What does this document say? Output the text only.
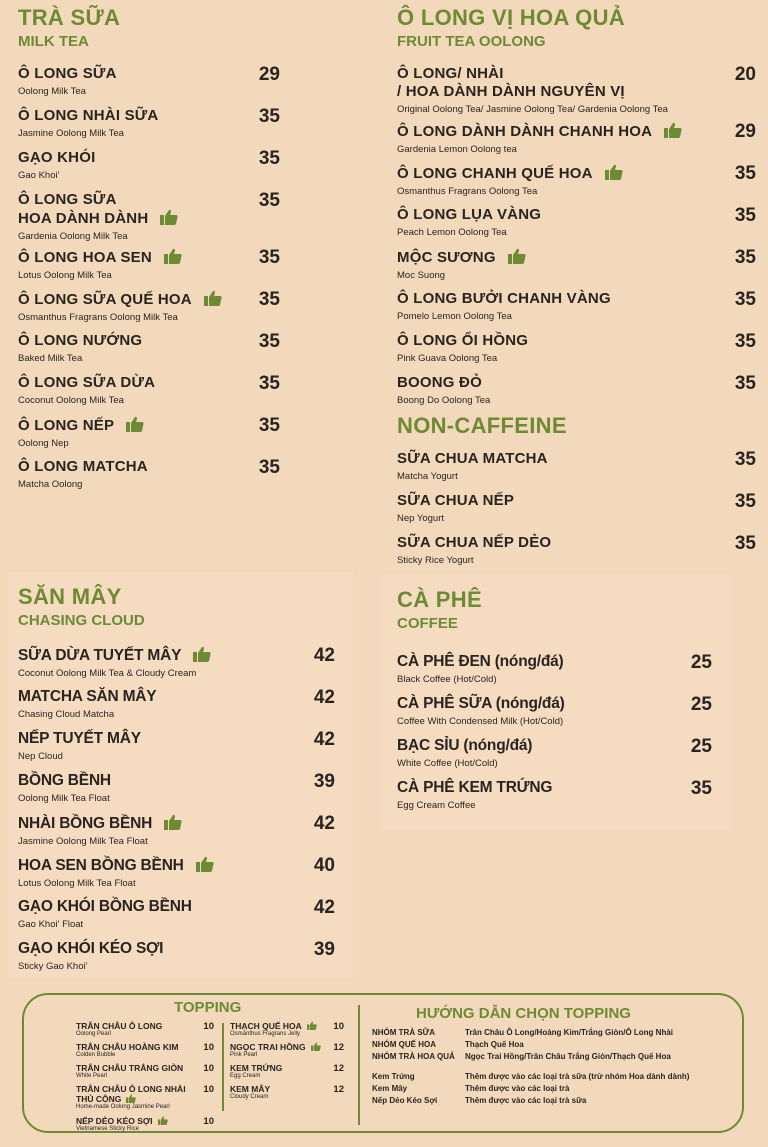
TRÀ SỮA
MILK TEA
Ô LONG SỮA
Oolong Milk Tea
29
Ô LONG NHÀI SỮA
Jasmine Oolong Milk Tea
35
GẠO KHÓI
Gao Khoi'
35
Ô LONG SỮA
HOA DÀNH DÀNH
Gardenia Oolong Milk Tea
35
Ô LONG HOA SEN
Lotus Oolong Milk Tea
35
Ô LONG SỮA QUẾ HOA
Osmanthus Fragrans Oolong Milk Tea
35
Ô LONG NƯỚNG
Baked Milk Tea
35
Ô LONG SỮA DỪA
Coconut Oolong Milk Tea
35
Ô LONG NẾP
Oolong Nep
35
Ô LONG MATCHA
Matcha Oolong
35
Ô LONG VỊ HOA QUẢ
FRUIT TEA OOLONG
Ô LONG/ NHÀI
/ HOA DÀNH DÀNH NGUYÊN VỊ
Original Oolong Tea/ Jasmine Oolong Tea/ Gardenia Oolong Tea
20
Ô LONG DÀNH DÀNH CHANH HOA
Gardenia Lemon Oolong tea
29
Ô LONG CHANH QUẾ HOA
Osmanthus Fragrans Oolong Tea
35
Ô LONG LỤA VÀNG
Peach Lemon Oolong Tea
35
MỘC SƯƠNG
Moc Suong
35
Ô LONG BƯỞI CHANH VÀNG
Pomelo Lemon Oolong Tea
35
Ô LONG ỔI HỒNG
Pink Guava Oolong Tea
35
BOONG ĐỎ
Boong Do Oolong Tea
35
NON-CAFFEINE
SỮA CHUA MATCHA
Matcha Yogurt
35
SỮA CHUA NẾP
Nep Yogurt
35
SỮA CHUA NẾP DẺO
Sticky Rice Yogurt
35
SĂN MÂY
CHASING CLOUD
SỮA DỪA TUYẾT MÂY
Coconut Oolong Milk Tea & Cloudy Cream
42
MATCHA SĂN MÂY
Chasing Cloud Matcha
42
NẾP TUYẾT MÂY
Nep Cloud
42
BỒNG BỀNH
Oolong Milk Tea Float
39
NHÀI BỒNG BỀNH
Jasmine Oolong Milk Tea Float
42
HOA SEN BỒNG BỀNH
Lotus Oolong Milk Tea Float
40
GẠO KHÓI BỒNG BỀNH
Gao Khoi' Float
42
GẠO KHÓI KÉO SỢI
Sticky Gao Khoi'
39
CÀ PHÊ
COFFEE
CÀ PHÊ ĐEN (nóng/đá)
Black Coffee (Hot/Cold)
25
CÀ PHÊ SỮA (nóng/đá)
Coffee With Condensed Milk (Hot/Cold)
25
BẠC SỈU (nóng/đá)
White Coffee (Hot/Cold)
25
CÀ PHÊ KEM TRỨNG
Egg Cream Coffee
35
TOPPING
TRÂN CHÂU Ô LONG
Oolong Pearl
10
TRÂN CHÂU HOÀNG KIM
Colden Bubble
10
TRÂN CHÂU TRẮNG GIÒN
White Pearl
10
TRÂN CHÂU Ô LONG NHÀI
THỦ CÔNG
Home-made Oolong Jasmine Pearl
10
NẾP DẺO KÉO SỢI
Vietnamese Sticky Rice
10
THẠCH QUẾ HOA
Osmanthus Fragrans Jelly
10
NGỌC TRAI HỒNG
Pink Pearl
12
KEM TRỨNG
Egg Cream
12
KEM MÂY
Cloudy Cream
12
HƯỚNG DẪN CHỌN TOPPING
NHÓM TRÀ SỮA	Trân Châu Ô Long/Hoàng Kim/Trắng Giòn/Ô Long Nhài
NHÓM QUẾ HOA	Thạch Quế Hoa
NHÓM TRÀ HOA QUẢ	Ngọc Trai Hồng/Trân Châu Trắng Giòn/Thạch Quế Hoa
Kem Trứng	Thêm được vào các loại trà sữa (trừ nhóm Hoa dành dành)
Kem Mây	Thêm được vào các loại trà
Nếp Dẻo Kéo Sợi	Thêm được vào các loại trà sữa
